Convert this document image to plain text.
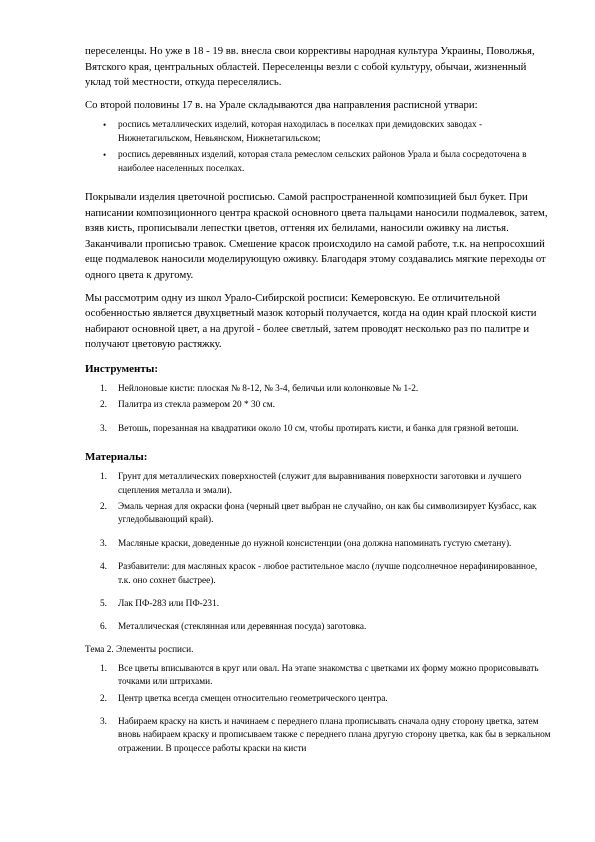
переселенцы. Но уже в 18 - 19 вв. внесла свои коррективы народная культура Украины, Поволжья, Вятского края, центральных областей. Переселенцы везли с собой культуру, обычаи, жизненный уклад той местности, откуда переселялись.

Со второй половины 17 в. на Урале складываются два направления расписной утвари:

• роспись металлических изделий, которая находилась в поселках при демидовских заводах - Нижнетагильском, Невьянском, Нижнетагильском;
• роспись деревянных изделий, которая стала ремеслом сельских районов Урала и была сосредоточена в наиболее населенных поселках.

Покрывали изделия цветочной росписью. Самой распространенной композицией был букет. При написании композиционного центра краской основного цвета пальцами наносили подмалевок, затем, взяв кисть, прописывали лепестки цветов, оттеняя их белилами, наносили оживку на листья. Заканчивали прописью травок. Смешение красок происходило на самой работе, т.к. на непросохший еще подмалевок наносили моделирующую оживку. Благодаря этому создавались мягкие переходы от одного цвета к другому.

Мы рассмотрим одну из школ Урало-Сибирской росписи: Кемеровскую. Ее отличительной особенностью является двухцветный мазок который получается, когда на один край плоской кисти набирают основной цвет, а на другой - более светлый, затем проводят несколько раз по палитре и получают цветовую растяжку.

Инструменты:

1. Нейлоновые кисти: плоская № 8-12, № 3-4, беличьи или колонковые № 1-2.
2. Палитра из стекла размером 20 * 30 см.
3. Ветошь, порезанная на квадратики около 10 см, чтобы протирать кисти, и банка для грязной ветоши.

Материалы:

1. Грунт для металлических поверхностей (служит для выравнивания поверхности заготовки и лучшего сцепления металла и эмали).
2. Эмаль черная для окраски фона (черный цвет выбран не случайно, он как бы символизирует Кузбасс, как угледобывающий край).
3. Масляные краски, доведенные до нужной консистенции (она должна напоминать густую сметану).
4. Разбавители: для масляных красок - любое растительное масло (лучше подсолнечное нерафинированное, т.к. оно сохнет быстрее).
5. Лак ПФ-283 или ПФ-231.
6. Металлическая (стеклянная или деревянная посуда) заготовка.

Тема 2. Элементы росписи.

1. Все цветы вписываются в круг или овал. На этапе знакомства с цветками их форму можно прорисовывать точками или штрихами.
2. Центр цветка всегда смещен относительно геометрического центра.
3. Набираем краску на кисть и начинаем с переднего плана прописывать сначала одну сторону цветка, затем вновь набираем краску и прописываем также с переднего плана другую сторону цветка, как бы в зеркальном отражении. В процессе работы краски на кисти
